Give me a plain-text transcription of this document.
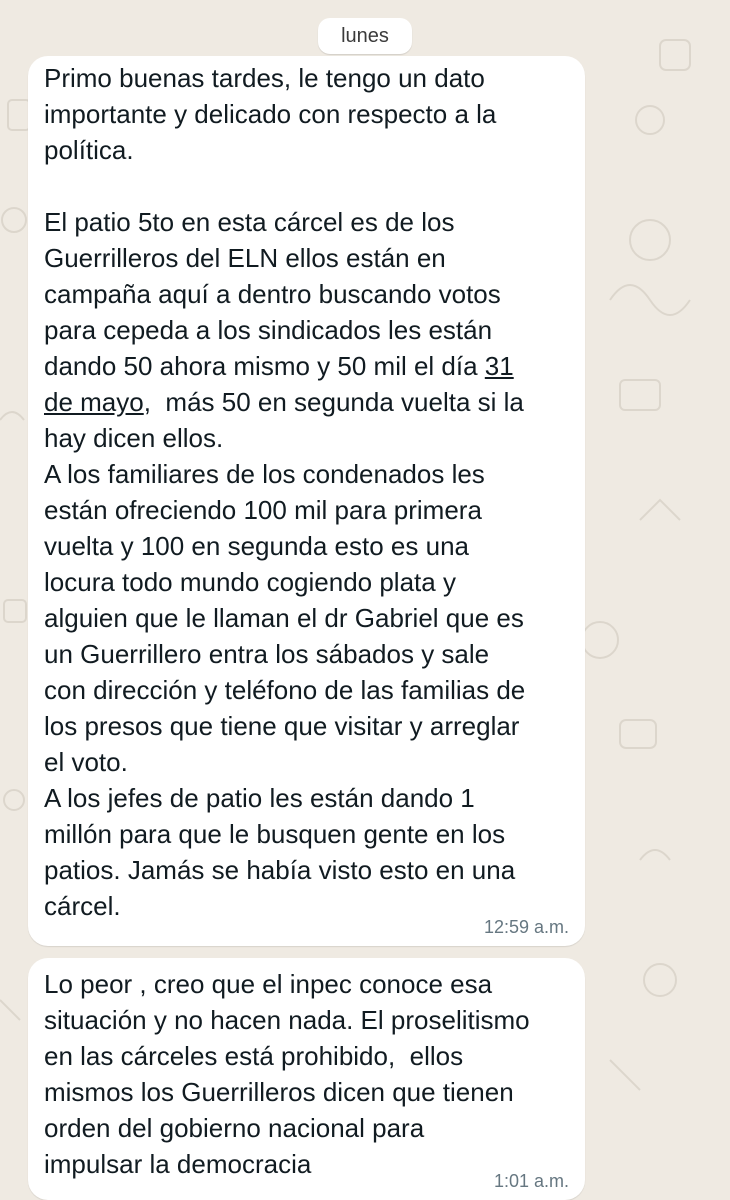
lunes
Primo buenas tardes, le tengo un dato
importante y delicado con respecto a la
política.

El patio 5to en esta cárcel es de los
Guerrilleros del ELN ellos están en
campaña aquí a dentro buscando votos
para cepeda a los sindicados les están
dando 50 ahora mismo y 50 mil el día 31
de mayo,  más 50 en segunda vuelta si la
hay dicen ellos.
A los familiares de los condenados les
están ofreciendo 100 mil para primera
vuelta y 100 en segunda esto es una
locura todo mundo cogiendo plata y
alguien que le llaman el dr Gabriel que es
un Guerrillero entra los sábados y sale
con dirección y teléfono de las familias de
los presos que tiene que visitar y arreglar
el voto.
A los jefes de patio les están dando 1
millón para que le busquen gente en los
patios. Jamás se había visto esto en una
cárcel.
12:59 a.m.
Lo peor , creo que el inpec conoce esa
situación y no hacen nada. El proselitismo
en las cárceles está prohibido,  ellos
mismos los Guerrilleros dicen que tienen
orden del gobierno nacional para
impulsar la democracia
1:01 a.m.
